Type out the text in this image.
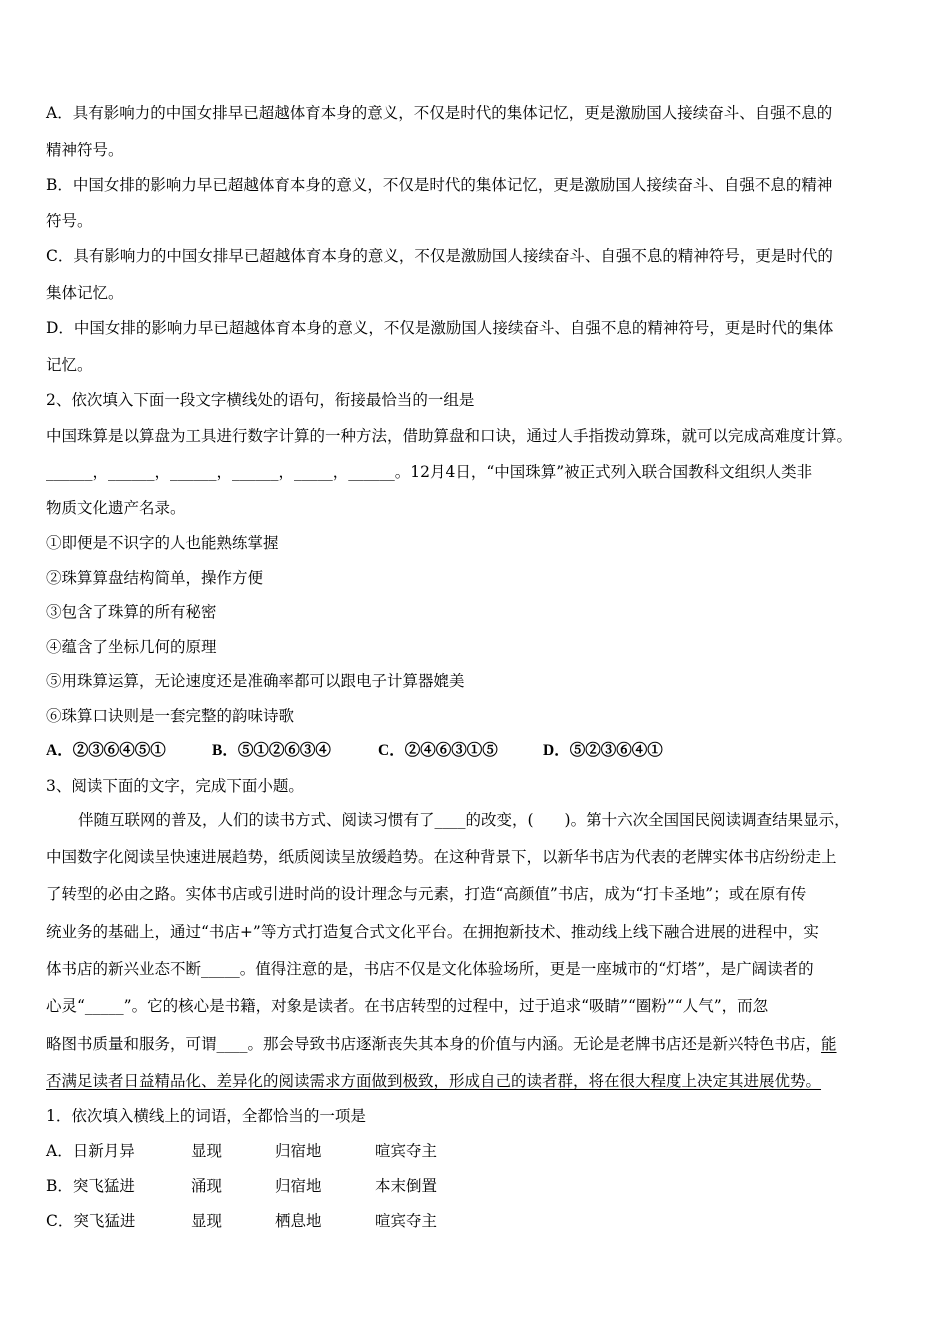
A．具有影响力的中国女排早已超越体育本身的意义，不仅是时代的集体记忆，更是激励国人接续奋斗、自强不息的
精神符号。
B．中国女排的影响力早已超越体育本身的意义，不仅是时代的集体记忆，更是激励国人接续奋斗、自强不息的精神
符号。
C．具有影响力的中国女排早已超越体育本身的意义，不仅是激励国人接续奋斗、自强不息的精神符号，更是时代的
集体记忆。
D．中国女排的影响力早已超越体育本身的意义，不仅是激励国人接续奋斗、自强不息的精神符号，更是时代的集体
记忆。
2、依次填入下面一段文字横线处的语句，衔接最恰当的一组是
中国珠算是以算盘为工具进行数字计算的一种方法，借助算盘和口诀，通过人手指拨动算珠，就可以完成高难度计算。
______，______，______，______，_____，______。12月4日，“中国珠算”被正式列入联合国教科文组织人类非
物质文化遗产名录。
①即便是不识字的人也能熟练掌握
②珠算算盘结构简单，操作方便
③包含了珠算的所有秘密
④蕴含了坐标几何的原理
⑤用珠算运算，无论速度还是准确率都可以跟电子计算器媲美
⑥珠算口诀则是一套完整的韵味诗歌
A．②③⑥④⑤①	B．⑤①②⑥③④	C．②④⑥③①⑤	D．⑤②③⑥④①
3、阅读下面的文字，完成下面小题。
伴随互联网的普及，人们的读书方式、阅读习惯有了____的改变，(　　)。第十六次全国国民阅读调查结果显示，
中国数字化阅读呈快速进展趋势，纸质阅读呈放缓趋势。在这种背景下，以新华书店为代表的老牌实体书店纷纷走上
了转型的必由之路。实体书店或引进时尚的设计理念与元素，打造“高颜值”书店，成为“打卡圣地”；或在原有传
统业务的基础上，通过“书店+”等方式打造复合式文化平台。在拥抱新技术、推动线上线下融合进展的进程中，实
体书店的新兴业态不断_____。值得注意的是，书店不仅是文化体验场所，更是一座城市的“灯塔”，是广阔读者的
心灵“_____”。它的核心是书籍，对象是读者。在书店转型的过程中，过于追求“吸睛”“圈粉”“人气”，而忽
略图书质量和服务，可谓____。那会导致书店逐渐丧失其本身的价值与内涵。无论是老牌书店还是新兴特色书店，能
否满足读者日益精品化、差异化的阅读需求方面做到极致，形成自己的读者群，将在很大程度上决定其进展优势。
1．依次填入横线上的词语，全都恰当的一项是
A．日新月异	显现	归宿地	喧宾夺主
B．突飞猛进	涌现	归宿地	本末倒置
C．突飞猛进	显现	栖息地	喧宾夺主
